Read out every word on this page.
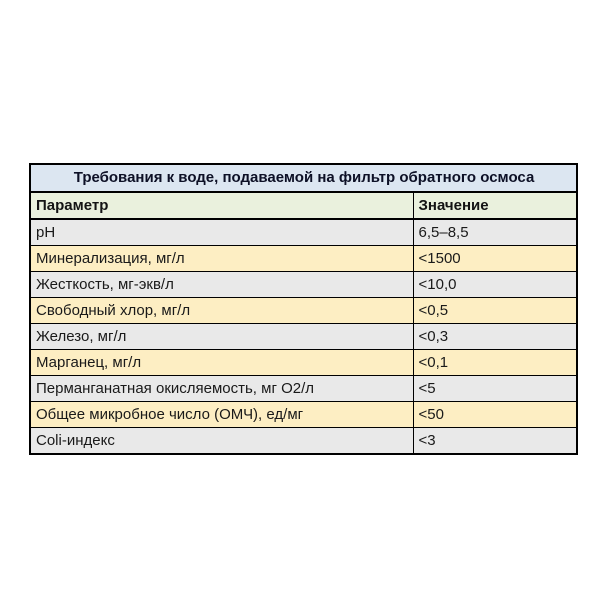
Требования к воде, подаваемой на фильтр обратного осмоса	
Параметр	Значение
pH	6,5–8,5
Минерализация, мг/л	<1500
Жесткость, мг-экв/л	<10,0
Свободный хлор, мг/л	<0,5
Железо, мг/л	<0,3
Марганец, мг/л	<0,1
Перманганатная окисляемость, мг О2/л	<5
Общее микробное число (ОМЧ), ед/мг	<50
Coli-индекс	<3
